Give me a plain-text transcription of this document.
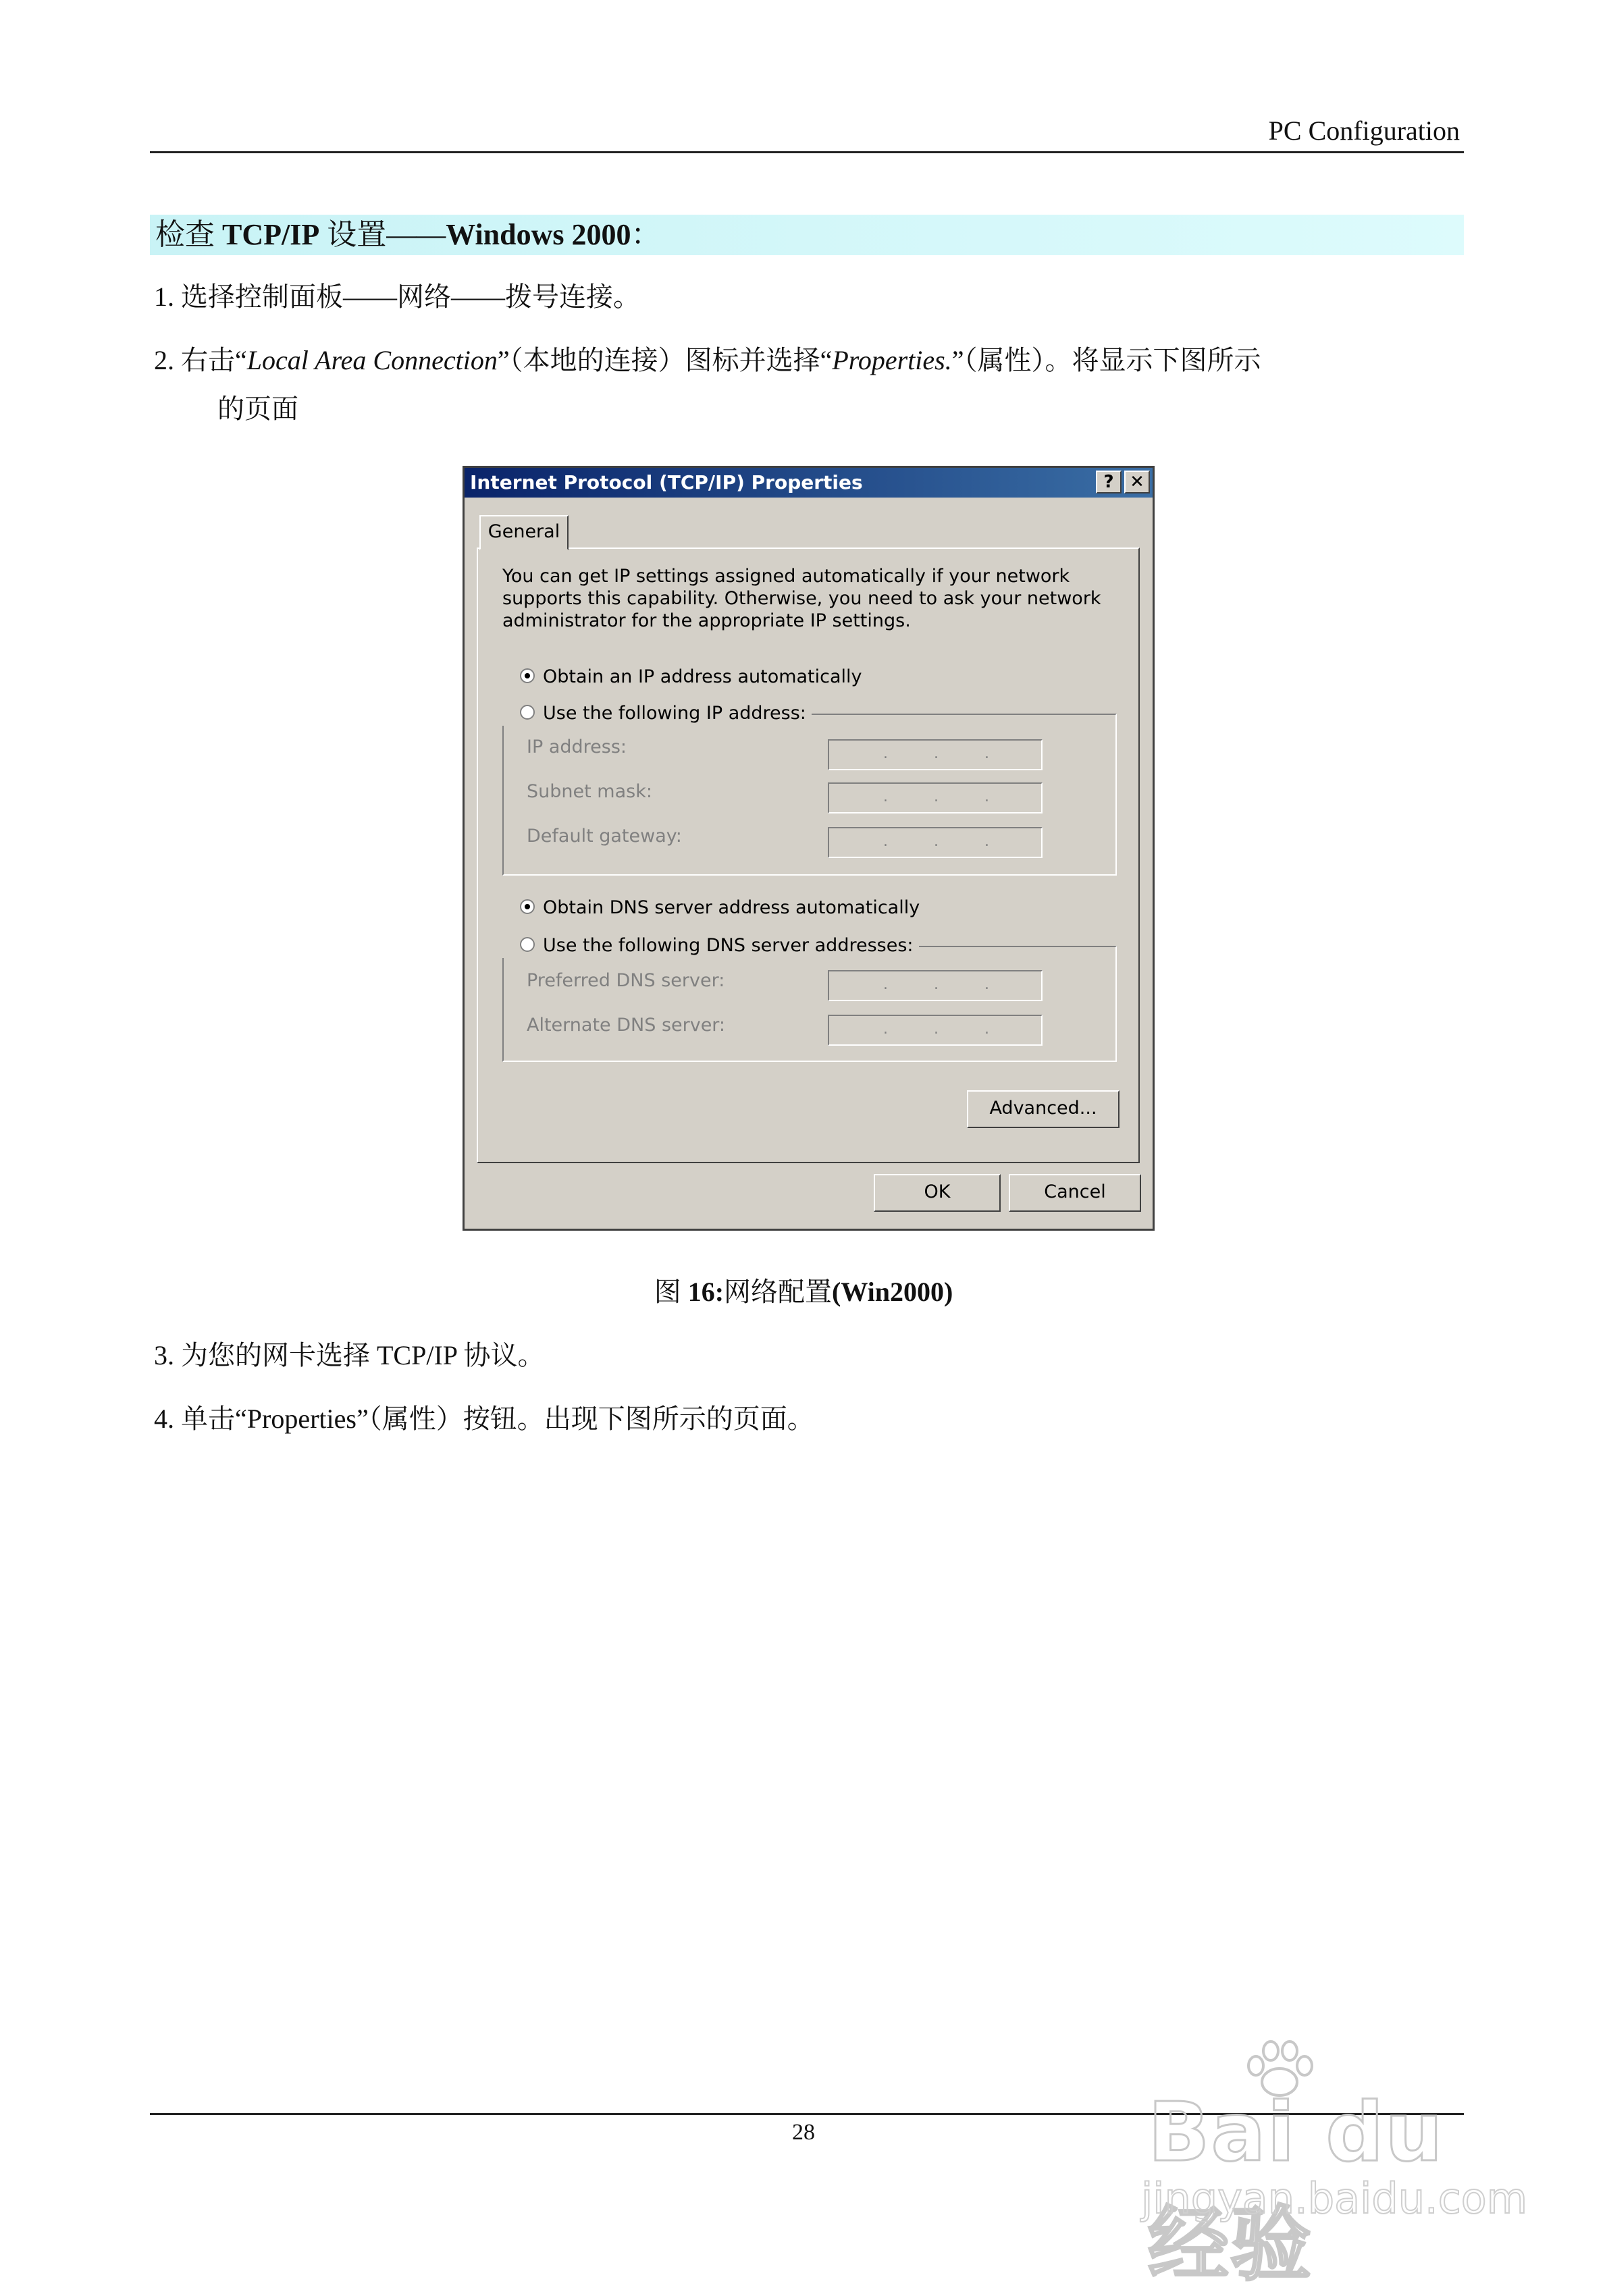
PC Configuration
检查 TCP/IP 设置——Windows 2000：
1. 选择控制面板——网络——拨号连接。
2. 右击“Local Area Connection”（本地的连接）图标并选择“Properties.”（属性）。将显示下图所示
的页面
Internet Protocol (TCP/IP) Properties	? ✕
General
You can get IP settings assigned automatically if your network supports this capability. Otherwise, you need to ask your network administrator for the appropriate IP settings.
Obtain an IP address automatically
IP address:	.	.	.
Subnet mask:	.	.	.
Default gateway:	.	.	.
Use the following IP address:
Obtain DNS server address automatically
Preferred DNS server:	.	.	.
Alternate DNS server:	.	.	.
Use the following DNS server addresses:
Advanced...
OK	Cancel
图 16:网络配置(Win2000)
3. 为您的网卡选择 TCP/IP 协议。
4. 单击“Properties”（属性）按钮。出现下图所示的页面。
28	Bai du 经验
jingyan.baidu.com
